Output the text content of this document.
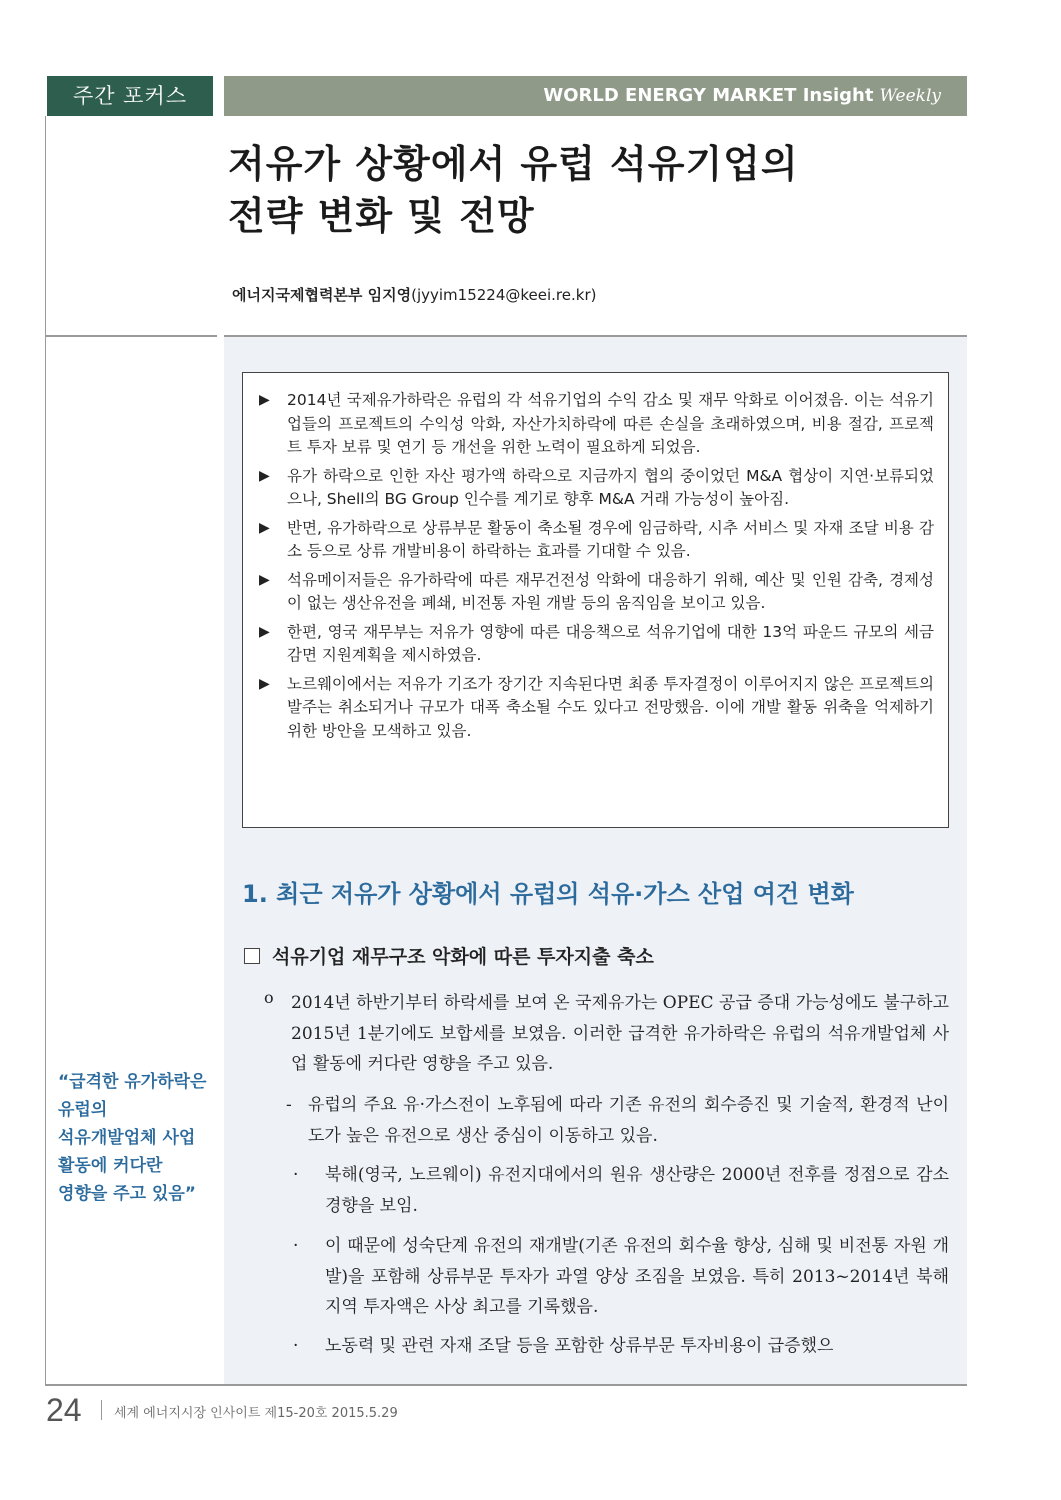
주간 포커스	WORLD ENERGY MARKET Insight Weekly
저유가 상황에서 유럽 석유기업의
전략 변화 및 전망
에너지국제협력본부 임지영(jyyim15224@keei.re.kr)
▶ 2014년 국제유가하락은 유럽의 각 석유기업의 수익 감소 및 재무 악화로 이어졌음. 이는 석유기업들의 프로젝트의 수익성 악화, 자산가치하락에 따른 손실을 초래하였으며, 비용 절감, 프로젝트 투자 보류 및 연기 등 개선을 위한 노력이 필요하게 되었음.
▶ 유가 하락으로 인한 자산 평가액 하락으로 지금까지 협의 중이었던 M&A 협상이 지연·보류되었으나, Shell의 BG Group 인수를 계기로 향후 M&A 거래 가능성이 높아짐.
▶ 반면, 유가하락으로 상류부문 활동이 축소될 경우에 임금하락, 시추 서비스 및 자재 조달 비용 감소 등으로 상류 개발비용이 하락하는 효과를 기대할 수 있음.
▶ 석유메이저들은 유가하락에 따른 재무건전성 악화에 대응하기 위해, 예산 및 인원 감축, 경제성이 없는 생산유전을 폐쇄, 비전통 자원 개발 등의 움직임을 보이고 있음.
▶ 한편, 영국 재무부는 저유가 영향에 따른 대응책으로 석유기업에 대한 13억 파운드 규모의 세금 감면 지원계획을 제시하였음.
▶ 노르웨이에서는 저유가 기조가 장기간 지속된다면 최종 투자결정이 이루어지지 않은 프로젝트의 발주는 취소되거나 규모가 대폭 축소될 수도 있다고 전망했음. 이에 개발 활동 위축을 억제하기 위한 방안을 모색하고 있음.
1. 최근 저유가 상황에서 유럽의 석유·가스 산업 여건 변화
석유기업 재무구조 악화에 따른 투자지출 축소
o 2014년 하반기부터 하락세를 보여 온 국제유가는 OPEC 공급 증대 가능성에도 불구하고 2015년 1분기에도 보합세를 보였음. 이러한 급격한 유가하락은 유럽의 석유개발업체 사업 활동에 커다란 영향을 주고 있음.
- 유럽의 주요 유·가스전이 노후됨에 따라 기존 유전의 회수증진 및 기술적, 환경적 난이도가 높은 유전으로 생산 중심이 이동하고 있음.
· 북해(영국, 노르웨이) 유전지대에서의 원유 생산량은 2000년 전후를 정점으로 감소 경향을 보임.
· 이 때문에 성숙단계 유전의 재개발(기존 유전의 회수율 향상, 심해 및 비전통 자원 개발)을 포함해 상류부문 투자가 과열 양상 조짐을 보였음. 특히 2013~2014년 북해지역 투자액은 사상 최고를 기록했음.
· 노동력 및 관련 자재 조달 등을 포함한 상류부문 투자비용이 급증했으
“급격한 유가하락은
유럽의
석유개발업체 사업
활동에 커다란
영향을 주고 있음”
24 세계 에너지시장 인사이트 제15-20호 2015.5.29
